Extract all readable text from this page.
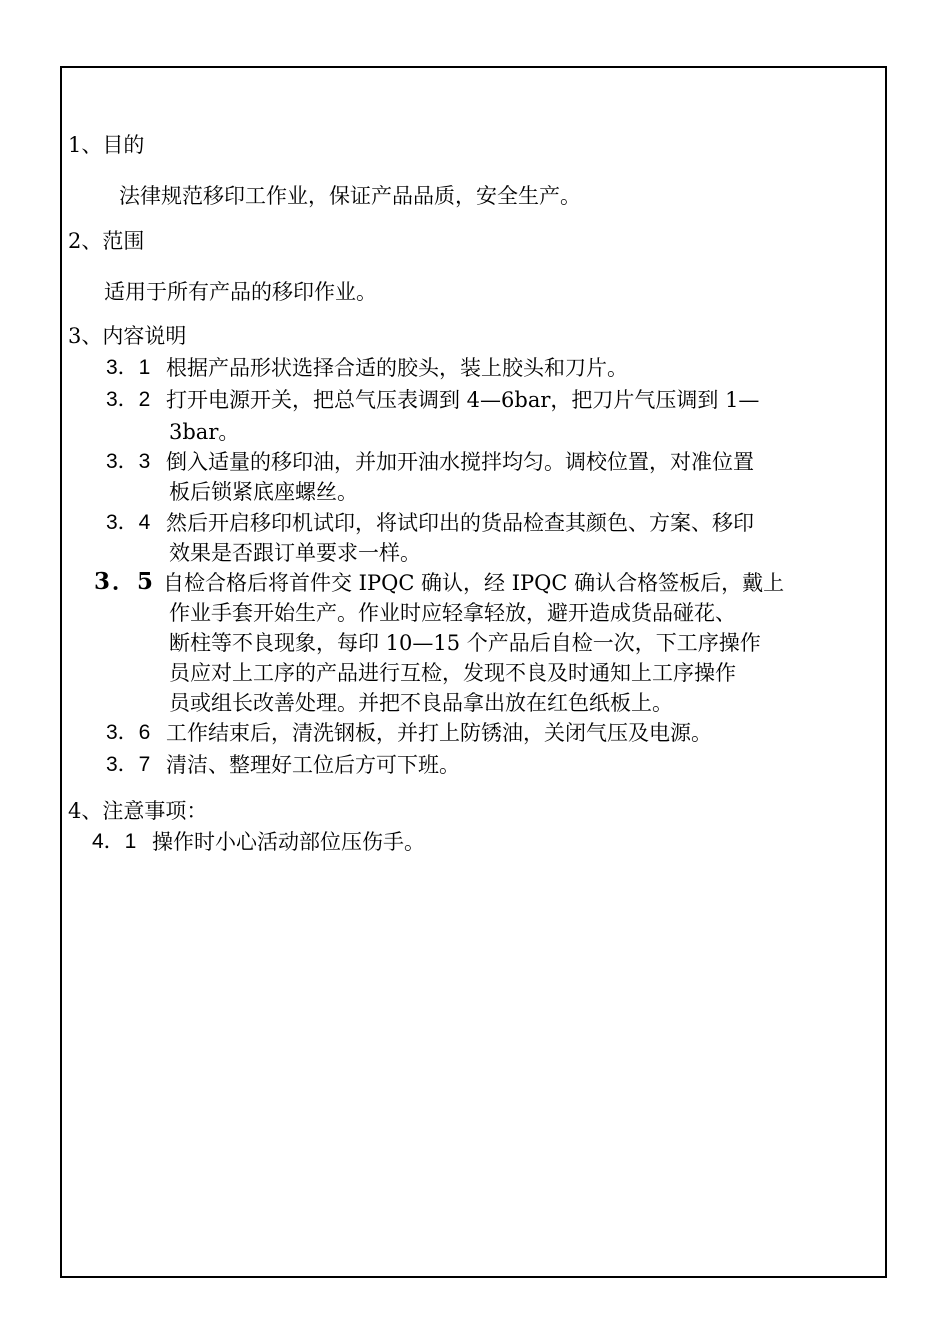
1、目的
法律规范移印工作业，保证产品品质，安全生产。
2、范围
适用于所有产品的移印作业。
3、内容说明
3．1 根据产品形状选择合适的胶头，装上胶头和刀片。
3．2 打开电源开关，把总气压表调到 4—6bar，把刀片气压调到 1—
3bar。
3．3 倒入适量的移印油，并加开油水搅拌均匀。调校位置，对准位置
板后锁紧底座螺丝。
3．4 然后开启移印机试印，将试印出的货品检查其颜色、方案、移印
效果是否跟订单要求一样。
3．5 自检合格后将首件交 IPQC 确认，经 IPQC 确认合格签板后，戴上
作业手套开始生产。作业时应轻拿轻放，避开造成货品碰花、
断柱等不良现象，每印 10—15 个产品后自检一次，下工序操作
员应对上工序的产品进行互检，发现不良及时通知上工序操作
员或组长改善处理。并把不良品拿出放在红色纸板上。
3．6 工作结束后，清洗钢板，并打上防锈油，关闭气压及电源。
3．7 清洁、整理好工位后方可下班。
4、注意事项：
4．1 操作时小心活动部位压伤手。
